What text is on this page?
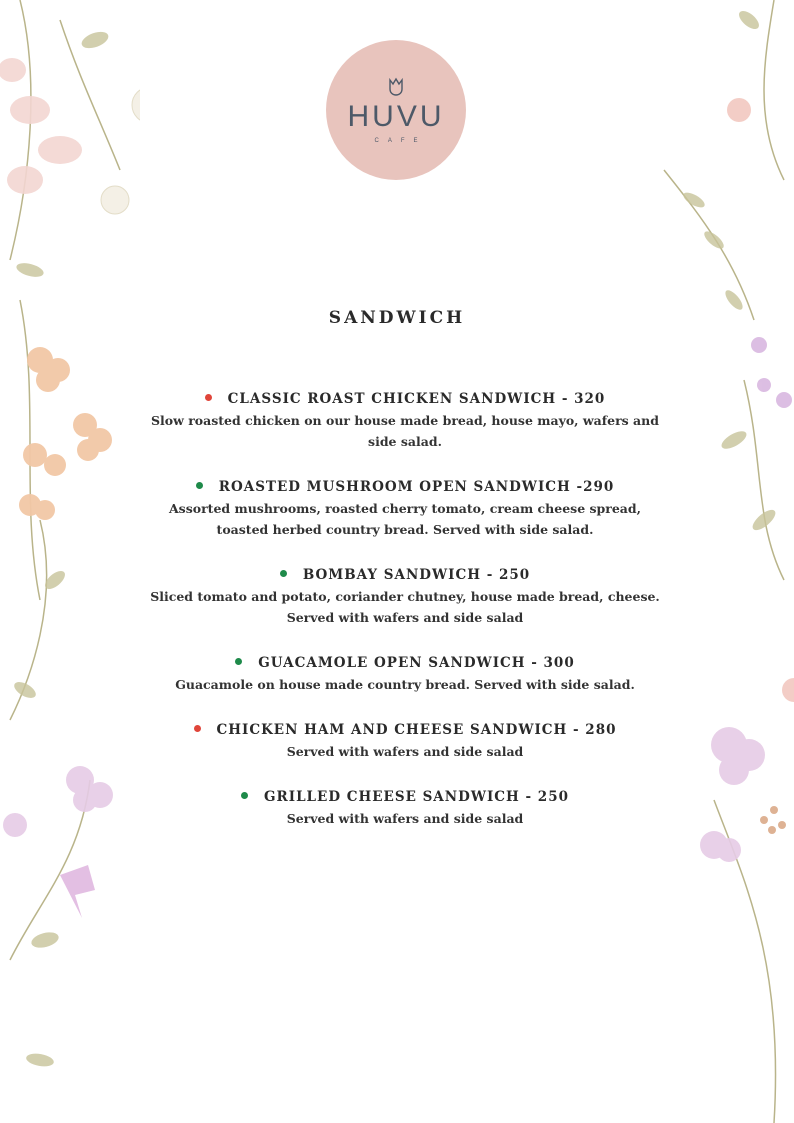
HUVU
CAFE
SANDWICH
CLASSIC ROAST CHICKEN SANDWICH - 320
Slow roasted chicken on our house made bread, house mayo, wafers and side salad.
ROASTED MUSHROOM OPEN SANDWICH -290
Assorted mushrooms, roasted cherry tomato, cream cheese spread, toasted herbed country bread. Served with side salad.
BOMBAY SANDWICH - 250
Sliced tomato and potato, coriander chutney, house made bread, cheese. Served with wafers and side salad
GUACAMOLE OPEN SANDWICH - 300
Guacamole on house made country bread. Served with side salad.
CHICKEN HAM AND CHEESE SANDWICH - 280
Served with wafers and side salad
GRILLED CHEESE SANDWICH - 250
Served with wafers and side salad
